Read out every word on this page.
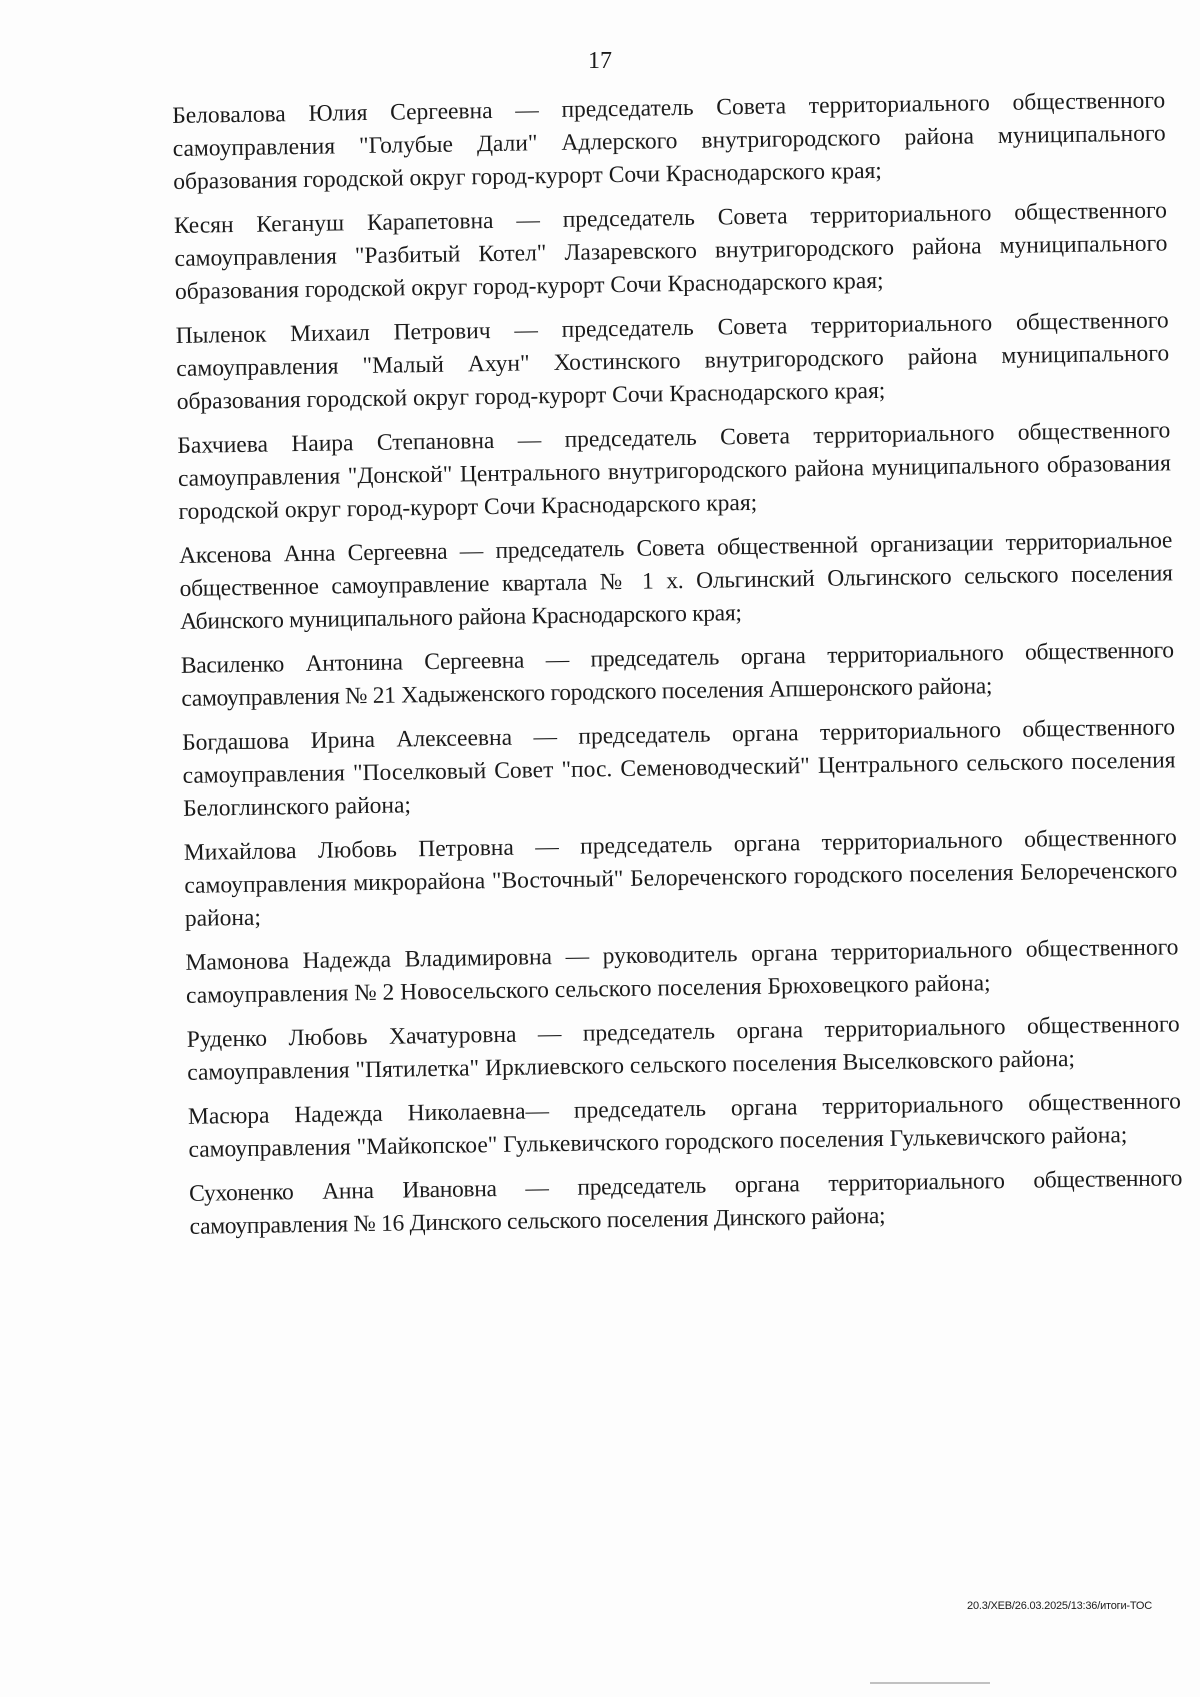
17

Беловалова Юлия Сергеевна — председатель Совета территориального общественного самоуправления "Голубые Дали" Адлерского внутригородского района муниципального образования городской округ город-курорт Сочи Краснодарского края;

Кесян Кегануш Карапетовна — председатель Совета территориального общественного самоуправления "Разбитый Котел" Лазаревского внутригородского района муниципального образования городской округ город-курорт Сочи Краснодарского края;

Пыленок Михаил Петрович — председатель Совета территориального общественного самоуправления "Малый Ахун" Хостинского внутригородского района муниципального образования городской округ город-курорт Сочи Краснодарского края;

Бахчиева Наира Степановна — председатель Совета территориального общественного самоуправления "Донской" Центрального внутригородского района муниципального образования городской округ город-курорт Сочи Краснодарского края;

Аксенова Анна Сергеевна — председатель Совета общественной организации территориальное общественное самоуправление квартала № 1 х. Ольгинский Ольгинского сельского поселения Абинского муниципального района Краснодарского края;

Василенко Антонина Сергеевна — председатель органа территориального общественного самоуправления № 21 Хадыженского городского поселения Апшеронского района;

Богдашова Ирина Алексеевна — председатель органа территориального общественного самоуправления "Поселковый Совет "пос. Семеноводческий" Центрального сельского поселения Белоглинского района;

Михайлова Любовь Петровна — председатель органа территориального общественного самоуправления микрорайона "Восточный" Белореченского городского поселения Белореченского района;

Мамонова Надежда Владимировна — руководитель органа территориального общественного самоуправления № 2 Новосельского сельского поселения Брюховецкого района;

Руденко Любовь Хачатуровна — председатель органа территориального общественного самоуправления "Пятилетка" Ирклиевского сельского поселения Выселковского района;

Масюра Надежда Николаевна— председатель органа территориального общественного самоуправления "Майкопское" Гулькевичского городского поселения Гулькевичского района;

Сухоненко Анна Ивановна — председатель органа территориального общественного самоуправления № 16 Динского сельского поселения Динского района;

20.3/ХЕВ/26.03.2025/13:36/итоги-ТОС
